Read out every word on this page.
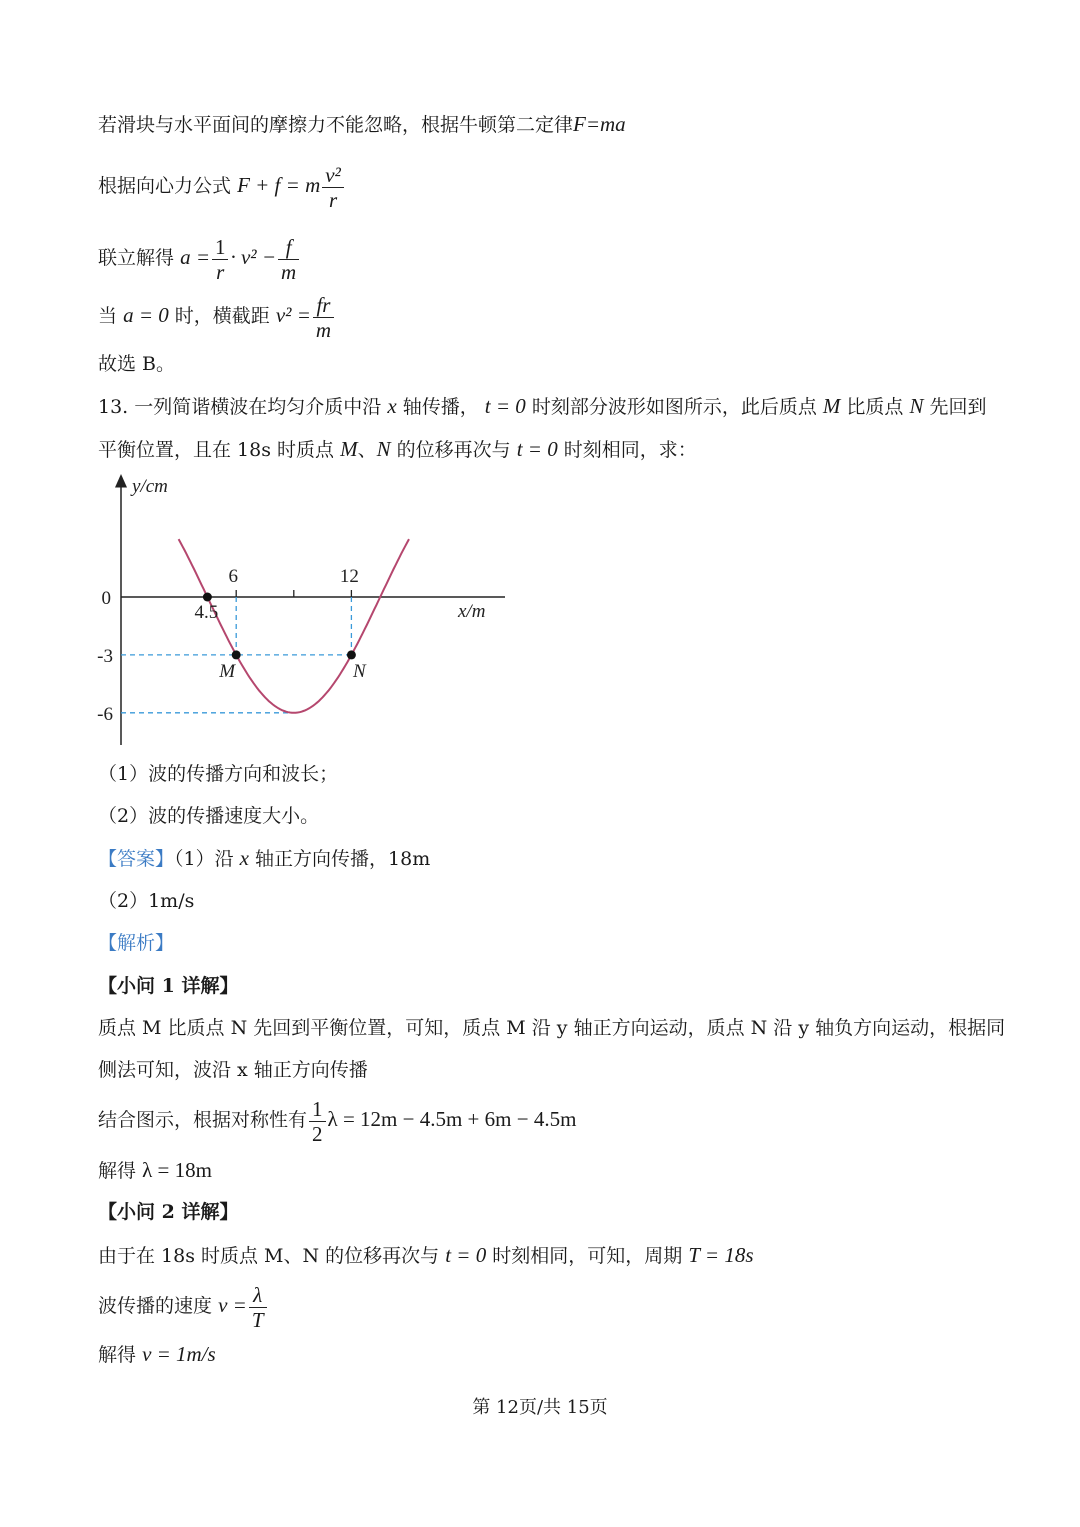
若滑块与水平面间的摩擦力不能忽略，根据牛顿第二定律F=ma
根据向心力公式 F + f = m $\frac{\text{v²}}{r}$
联立解得 $a = \frac{1}{r} \cdot v^2 - \frac{f}{m}$
当 a = 0 时，横截距 $v^2 = \frac{fr}{m}$
故选 B。
13. 一列简谐横波在均匀介质中沿 x 轴传播， t = 0 时刻部分波形如图所示，此后质点 M 比质点 N 先回到
平衡位置，且在 18s 时质点 M、N 的位移再次与 t = 0 时刻相同，求：
y/cm
x/m
4.5
6	12
0
-3
-6
M	N
（1）波的传播方向和波长；
（2）波的传播速度大小。
【答案】（1）沿 x 轴正方向传播，18m
（2）1m/s
【解析】
【小问 1 详解】
质点 M 比质点 N 先回到平衡位置，可知，质点 M 沿 y 轴正方向运动，质点 N 沿 y 轴负方向运动，根据同
侧法可知，波沿 x 轴正方向传播
结合图示，根据对称性有 $\frac{1}{2}$ λ = 12m − 4.5m + 6m − 4.5m
解得 λ = 18m
【小问 2 详解】
由于在 18s 时质点 M、N 的位移再次与 t = 0 时刻相同，可知，周期 T = 18s
波传播的速度 $v = \frac{\lambda}{T}$
解得 v = 1m/s
第 12页/共 15页
